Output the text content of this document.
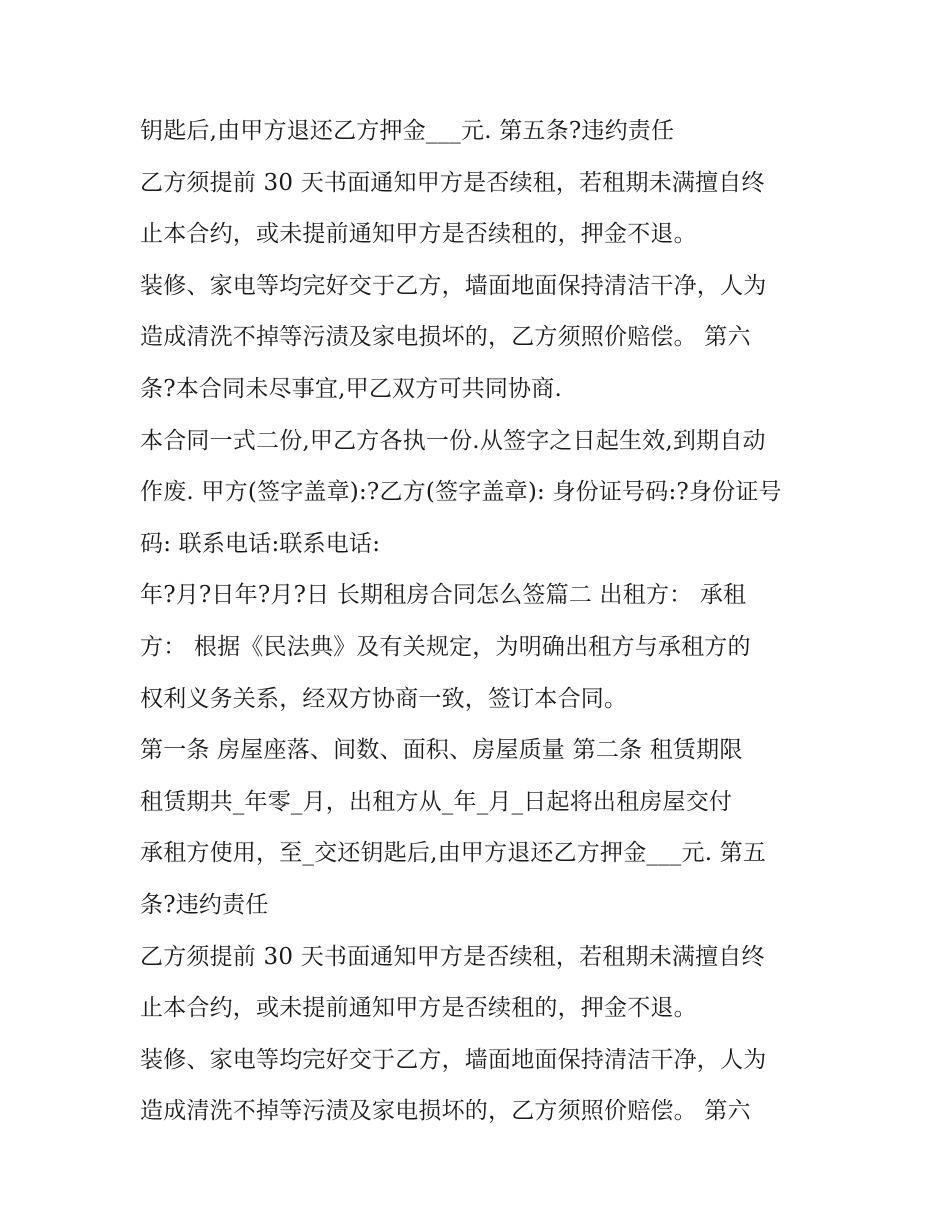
钥匙后,由甲方退还乙方押金___元. 第五条?违约责任
乙方须提前 30 天书面通知甲方是否续租，若租期未满擅自终
止本合约，或未提前通知甲方是否续租的，押金不退。
装修、家电等均完好交于乙方，墙面地面保持清洁干净，人为
造成清洗不掉等污渍及家电损坏的，乙方须照价赔偿。 第六
条?本合同未尽事宜,甲乙双方可共同协商.
本合同一式二份,甲乙方各执一份.从签字之日起生效,到期自动
作废. 甲方(签字盖章):?乙方(签字盖章): 身份证号码:?身份证号
码: 联系电话:联系电话:
年?月?日年?月?日 长期租房合同怎么签篇二 出租方： 承租
方： 根据《民法典》及有关规定，为明确出租方与承租方的
权利义务关系，经双方协商一致，签订本合同。
第一条 房屋座落、间数、面积、房屋质量 第二条 租赁期限
租赁期共_年零_月，出租方从_年_月_日起将出租房屋交付
承租方使用，至_交还钥匙后,由甲方退还乙方押金___元. 第五
条?违约责任
乙方须提前 30 天书面通知甲方是否续租，若租期未满擅自终
止本合约，或未提前通知甲方是否续租的，押金不退。
装修、家电等均完好交于乙方，墙面地面保持清洁干净，人为
造成清洗不掉等污渍及家电损坏的，乙方须照价赔偿。 第六
